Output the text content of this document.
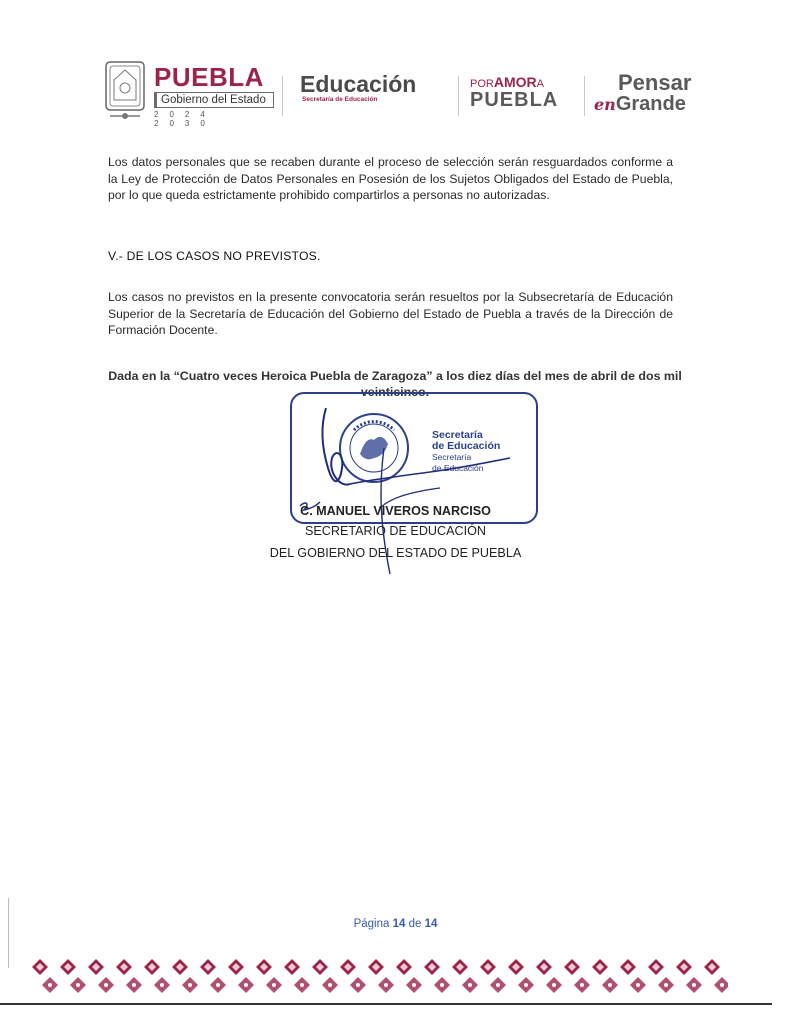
PUEBLA
Gobierno del Estado
2024 2030
Educación
Secretaría de Educación
PORAMORA
PUEBLA
Pensar
enGrande

Los datos personales que se recaben durante el proceso de selección serán resguardados conforme a la Ley de Protección de Datos Personales en Posesión de los Sujetos Obligados del Estado de Puebla, por lo que queda estrictamente prohibido compartirlos a personas no autorizadas.

V.- DE LOS CASOS NO PREVISTOS.

Los casos no previstos en la presente convocatoria serán resueltos por la Subsecretaría de Educación Superior de la Secretaría de Educación del Gobierno del Estado de Puebla a través de la Dirección de Formación Docente.

Dada en la “Cuatro veces Heroica Puebla de Zaragoza” a los diez días del mes de abril de dos mil veinticinco.
Secretaría
de Educación
Secretaría
de Educación
C. MANUEL VIVEROS NARCISO
SECRETARIO DE EDUCACIÓN
DEL GOBIERNO DEL ESTADO DE PUEBLA
Página 14 de 14
